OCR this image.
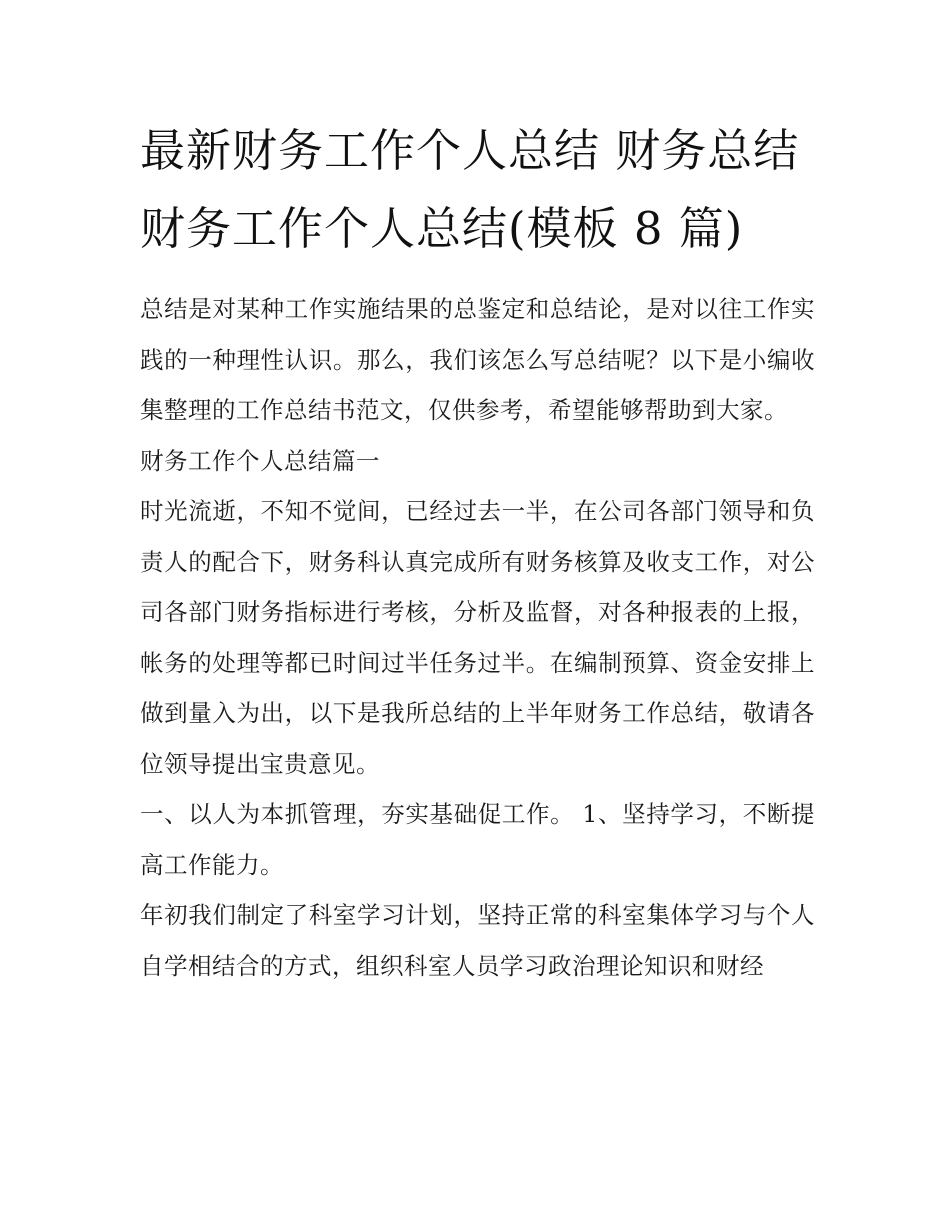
最新财务工作个人总结 财务总结财务工作个人总结(模板 8 篇)

总结是对某种工作实施结果的总鉴定和总结论，是对以往工作实践的一种理性认识。那么，我们该怎么写总结呢？以下是小编收集整理的工作总结书范文，仅供参考，希望能够帮助到大家。

财务工作个人总结篇一

时光流逝，不知不觉间，已经过去一半，在公司各部门领导和负责人的配合下，财务科认真完成所有财务核算及收支工作，对公司各部门财务指标进行考核，分析及监督，对各种报表的上报，帐务的处理等都已时间过半任务过半。在编制预算、资金安排上做到量入为出，以下是我所总结的上半年财务工作总结，敬请各位领导提出宝贵意见。

一、以人为本抓管理，夯实基础促工作。 1、坚持学习，不断提高工作能力。

年初我们制定了科室学习计划，坚持正常的科室集体学习与个人自学相结合的方式，组织科室人员学习政治理论知识和财经
